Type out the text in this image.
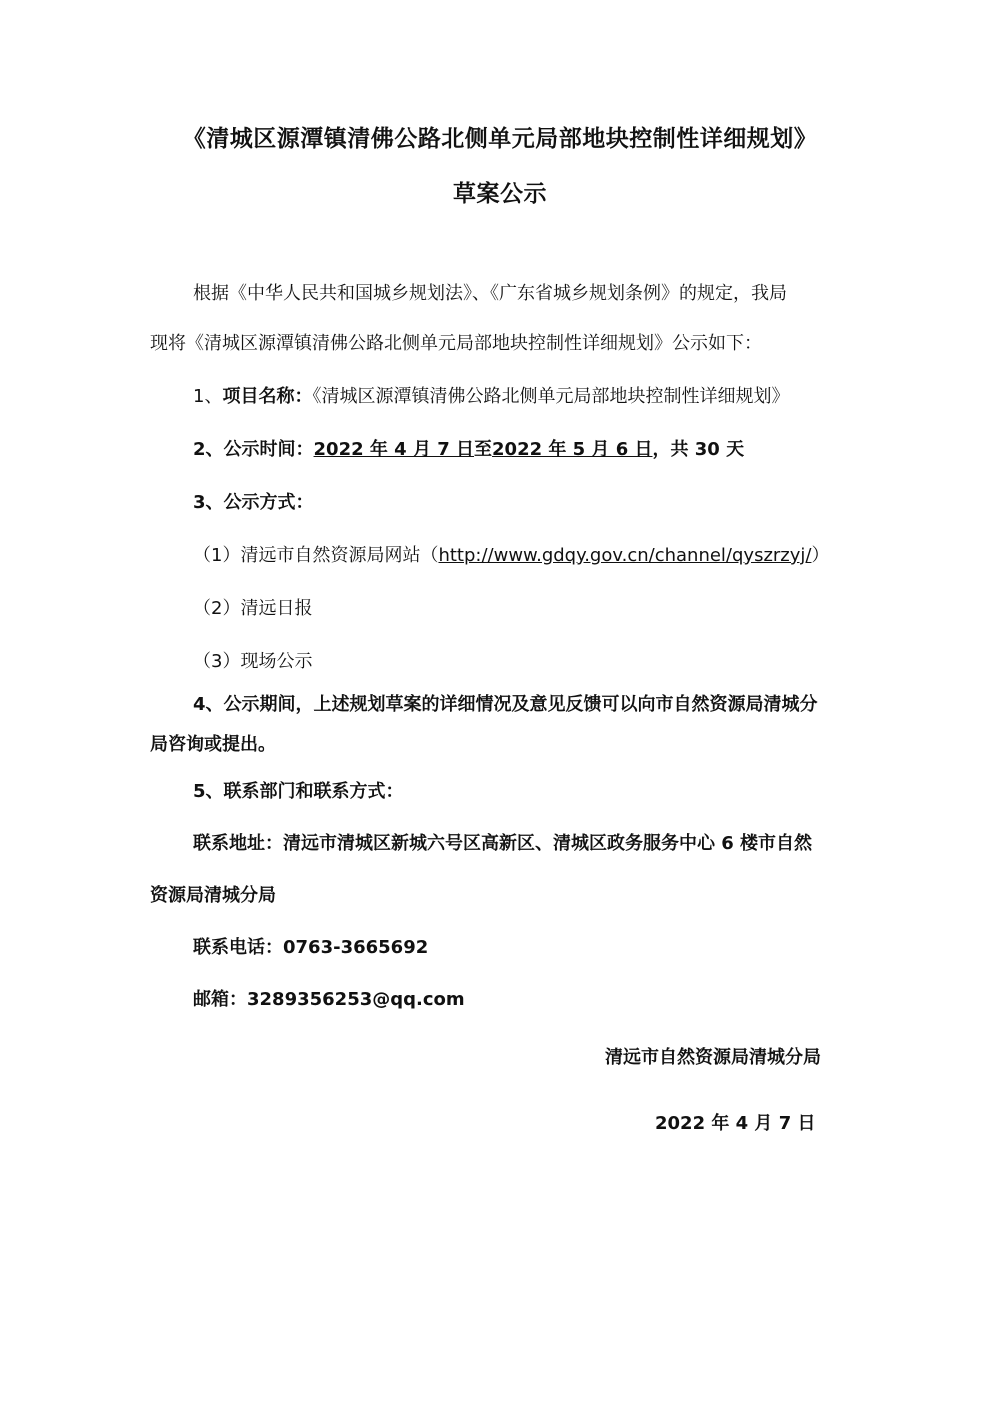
《清城区源潭镇清佛公路北侧单元局部地块控制性详细规划》
草案公示
根据《中华人民共和国城乡规划法》、《广东省城乡规划条例》的规定，我局
现将《清城区源潭镇清佛公路北侧单元局部地块控制性详细规划》公示如下：
1、项目名称：《清城区源潭镇清佛公路北侧单元局部地块控制性详细规划》
2、公示时间：2022 年 4 月 7 日至2022 年 5 月 6 日，共 30 天
3、公示方式：
（1）清远市自然资源局网站（http://www.gdqy.gov.cn/channel/qyszrzyj/）
（2）清远日报
（3）现场公示
4、公示期间，上述规划草案的详细情况及意见反馈可以向市自然资源局清城分
局咨询或提出。
5、联系部门和联系方式：
联系地址：清远市清城区新城六号区高新区、清城区政务服务中心 6 楼市自然
资源局清城分局
联系电话：0763-3665692
邮箱：3289356253@qq.com
清远市自然资源局清城分局
2022 年 4 月 7 日
